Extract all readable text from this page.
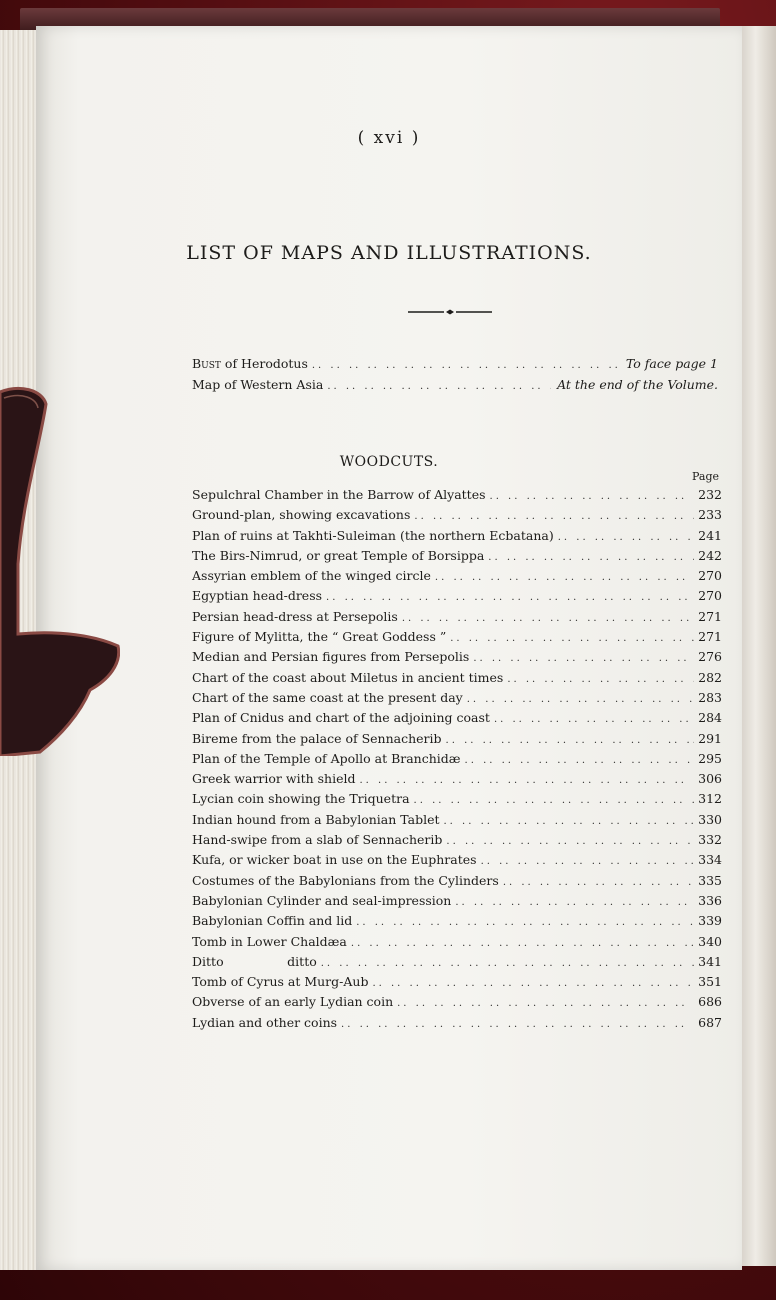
( xvi )
LIST OF MAPS AND ILLUSTRATIONS.
Bust of Herodotus .. ..	To face page 1
Map of Western Asia .. ..	At the end of the Volume.
WOODCUTS.
Page
Sepulchral Chamber in the Barrow of Alyattes .. ..	232
Ground-plan, showing excavations .. ..	233
Plan of ruins at Takhti-Suleiman (the northern Ecbatana) .. ..	241
The Birs-Nimrud, or great Temple of Borsippa .. ..	242
Assyrian emblem of the winged circle .. ..	270
Egyptian head-dress .. ..	270
Persian head-dress at Persepolis .. ..	271
Figure of Mylitta, the “ Great Goddess ” .. ..	271
Median and Persian figures from Persepolis .. ..	276
Chart of the coast about Miletus in ancient times .. ..	282
Chart of the same coast at the present day .. ..	283
Plan of Cnidus and chart of the adjoining coast .. ..	284
Bireme from the palace of Sennacherib .. ..	291
Plan of the Temple of Apollo at Branchidæ .. ..	295
Greek warrior with shield .. ..	306
Lycian coin showing the Triquetra .. ..	312
Indian hound from a Babylonian Tablet .. ..	330
Hand-swipe from a slab of Sennacherib .. ..	332
Kufa, or wicker boat in use on the Euphrates .. ..	334
Costumes of the Babylonians from the Cylinders .. ..	335
Babylonian Cylinder and seal-impression .. ..	336
Babylonian Coffin and lid .. ..	339
Tomb in Lower Chaldæa .. ..	340
Ditto                ditto .. ..	341
Tomb of Cyrus at Murg-Aub .. ..	351
Obverse of an early Lydian coin .. ..	686
Lydian and other coins .. ..	687
